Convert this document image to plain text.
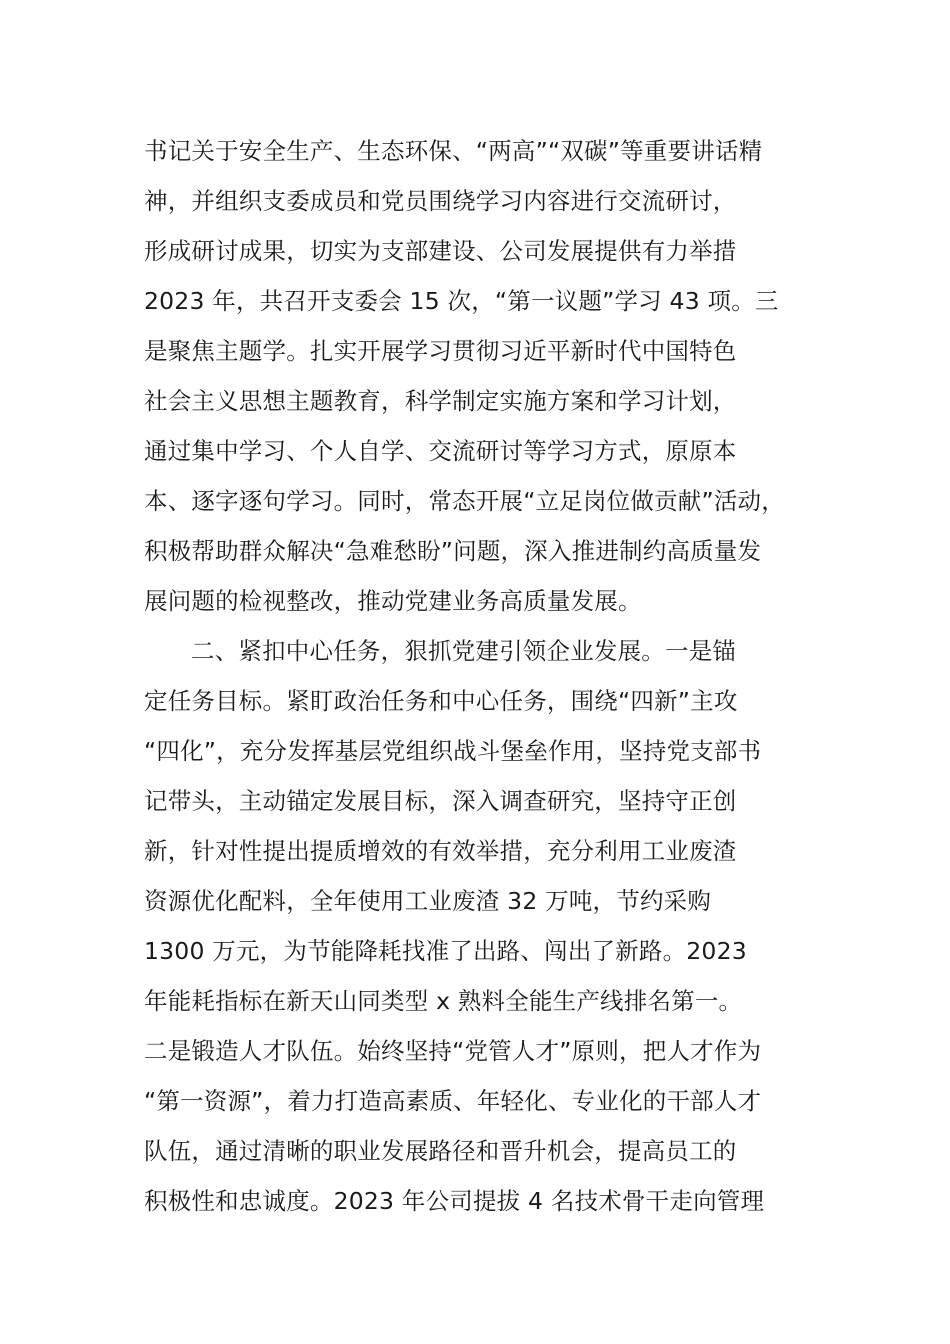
书记关于安全生产、生态环保、“两高”“双碳”等重要讲话精
神，并组织支委成员和党员围绕学习内容进行交流研讨，
形成研讨成果，切实为支部建设、公司发展提供有力举措
2023 年，共召开支委会 15 次，“第一议题”学习 43 项。三
是聚焦主题学。扎实开展学习贯彻习近平新时代中国特色
社会主义思想主题教育，科学制定实施方案和学习计划，
通过集中学习、个人自学、交流研讨等学习方式，原原本
本、逐字逐句学习。同时，常态开展“立足岗位做贡献”活动，
积极帮助群众解决“急难愁盼”问题，深入推进制约高质量发
展问题的检视整改，推动党建业务高质量发展。
二、紧扣中心任务，狠抓党建引领企业发展。一是锚
定任务目标。紧盯政治任务和中心任务，围绕“四新”主攻
“四化”，充分发挥基层党组织战斗堡垒作用，坚持党支部书
记带头，主动锚定发展目标，深入调查研究，坚持守正创
新，针对性提出提质增效的有效举措，充分利用工业废渣
资源优化配料，全年使用工业废渣 32 万吨，节约采购
1300 万元，为节能降耗找准了出路、闯出了新路。2023
年能耗指标在新天山同类型 x 熟料全能生产线排名第一。
二是锻造人才队伍。始终坚持“党管人才”原则，把人才作为
“第一资源”，着力打造高素质、年轻化、专业化的干部人才
队伍，通过清晰的职业发展路径和晋升机会，提高员工的
积极性和忠诚度。2023 年公司提拔 4 名技术骨干走向管理
